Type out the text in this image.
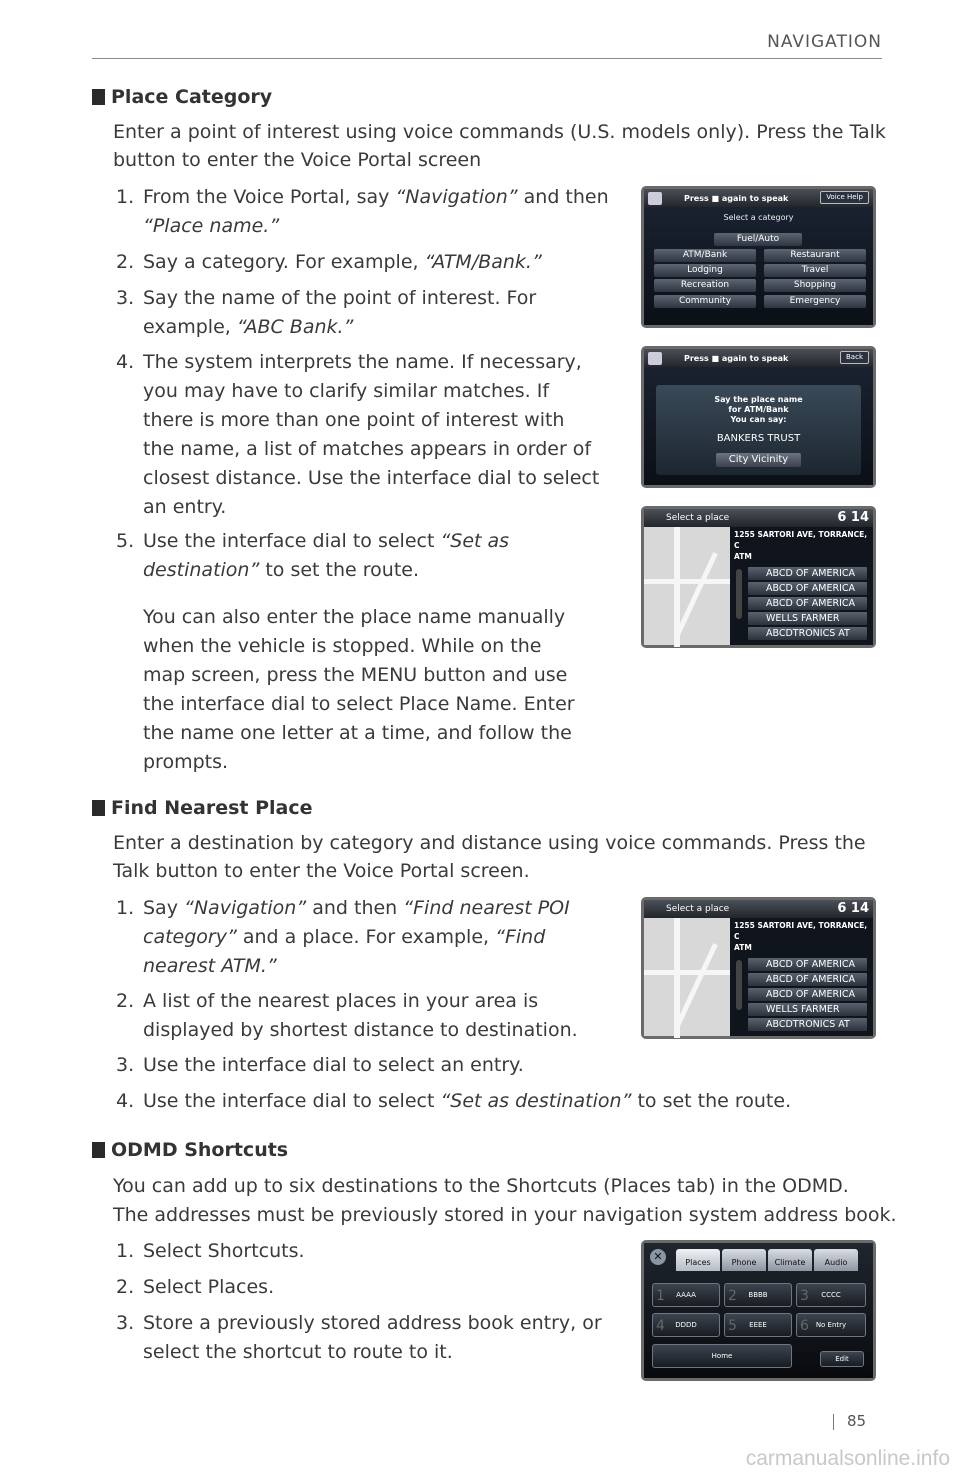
NAVIGATION
Place Category
Enter a point of interest using voice commands (U.S. models only). Press the Talk
button to enter the Voice Portal screen
1. From the Voice Portal, say “Navigation” and then
“Place name.”
2. Say a category. For example, “ATM/Bank.”
3. Say the name of the point of interest. For
example, “ABC Bank.”
4. The system interprets the name. If necessary,
you may have to clarify similar matches. If
there is more than one point of interest with
the name, a list of matches appears in order of
closest distance. Use the interface dial to select
an entry.
5. Use the interface dial to select “Set as
destination” to set the route.
You can also enter the place name manually
when the vehicle is stopped. While on the
map screen, press the MENU button and use
the interface dial to select Place Name. Enter
the name one letter at a time, and follow the
prompts.
Press ■ again to speak	Voice Help
Select a category
Fuel/Auto
ATM/Bank	Restaurant
Lodging	Travel
Recreation	Shopping
Community	Emergency
Press ■ again to speak	Back
Say the place name
for ATM/Bank
You can say:
BANKERS TRUST
City Vicinity
Select a place	6 14
1255 SARTORI AVE, TORRANCE, C
ATM
ABCD OF AMERICA
ABCD OF AMERICA
ABCD OF AMERICA
WELLS FARMER
ABCDTRONICS AT
Find Nearest Place
Enter a destination by category and distance using voice commands. Press the
Talk button to enter the Voice Portal screen.
1. Say “Navigation” and then “Find nearest POI
category” and a place. For example, “Find
nearest ATM.”
2. A list of the nearest places in your area is
displayed by shortest distance to destination.
3. Use the interface dial to select an entry.
4. Use the interface dial to select “Set as destination” to set the route.
Select a place	6 14
1255 SARTORI AVE, TORRANCE, C
ATM
ABCD OF AMERICA
ABCD OF AMERICA
ABCD OF AMERICA
WELLS FARMER
ABCDTRONICS AT
ODMD Shortcuts
You can add up to six destinations to the Shortcuts (Places tab) in the ODMD.
The addresses must be previously stored in your navigation system address book.
1. Select Shortcuts.
2. Select Places.
3. Store a previously stored address book entry, or
select the shortcut to route to it.
✕	Places	Phone	Climate	Audio
1 AAAA	2 BBBB	3 CCCC
4 DDDD	5 EEEE	6 No Entry
Home	Edit
85
carmanualsonline.info
